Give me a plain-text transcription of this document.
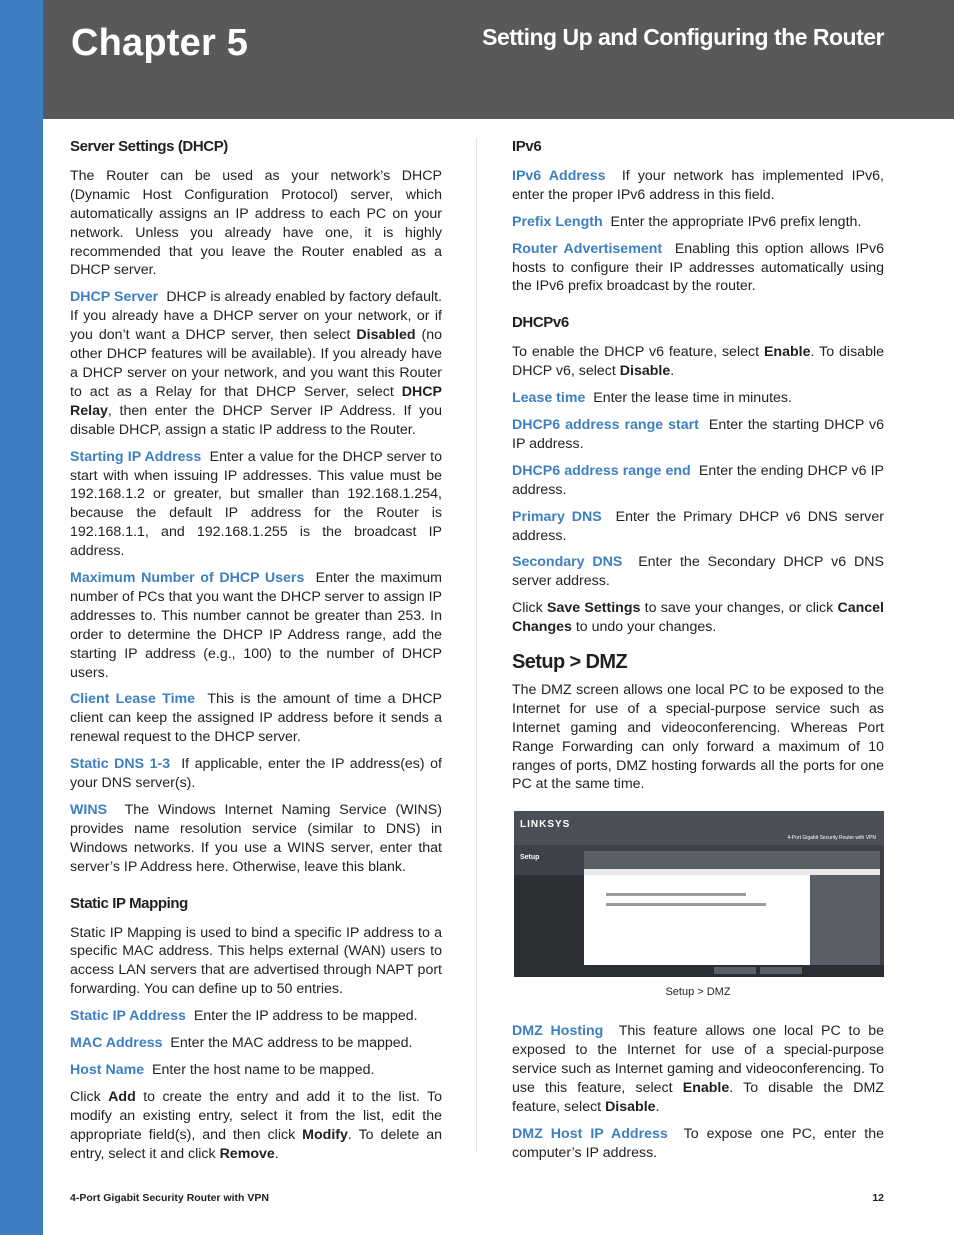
Chapter 5	Setting Up and Configuring the Router
Server Settings (DHCP)

The Router can be used as your network’s DHCP (Dynamic Host Configuration Protocol) server, which automatically assigns an IP address to each PC on your network. Unless you already have one, it is highly recommended that you leave the Router enabled as a DHCP server.

DHCP Server DHCP is already enabled by factory default. If you already have a DHCP server on your network, or if you don’t want a DHCP server, then select Disabled (no other DHCP features will be available). If you already have a DHCP server on your network, and you want this Router to act as a Relay for that DHCP Server, select DHCP Relay, then enter the DHCP Server IP Address. If you disable DHCP, assign a static IP address to the Router.

Starting IP Address Enter a value for the DHCP server to start with when issuing IP addresses. This value must be 192.168.1.2 or greater, but smaller than 192.168.1.254, because the default IP address for the Router is 192.168.1.1, and 192.168.1.255 is the broadcast IP address.

Maximum Number of DHCP Users Enter the maximum number of PCs that you want the DHCP server to assign IP addresses to. This number cannot be greater than 253. In order to determine the DHCP IP Address range, add the starting IP address (e.g., 100) to the number of DHCP users.

Client Lease Time This is the amount of time a DHCP client can keep the assigned IP address before it sends a renewal request to the DHCP server.

Static DNS 1-3 If applicable, enter the IP address(es) of your DNS server(s).

WINS The Windows Internet Naming Service (WINS) provides name resolution service (similar to DNS) in Windows networks. If you use a WINS server, enter that server’s IP Address here. Otherwise, leave this blank.

Static IP Mapping

Static IP Mapping is used to bind a specific IP address to a specific MAC address. This helps external (WAN) users to access LAN servers that are advertised through NAPT port forwarding. You can define up to 50 entries.

Static IP Address Enter the IP address to be mapped.

MAC Address Enter the MAC address to be mapped.

Host Name Enter the host name to be mapped.

Click Add to create the entry and add it to the list. To modify an existing entry, select it from the list, edit the appropriate field(s), and then click Modify. To delete an entry, select it and click Remove.

IPv6

IPv6 Address If your network has implemented IPv6, enter the proper IPv6 address in this field.

Prefix Length Enter the appropriate IPv6 prefix length.

Router Advertisement Enabling this option allows IPv6 hosts to configure their IP addresses automatically using the IPv6 prefix broadcast by the router.

DHCPv6

To enable the DHCP v6 feature, select Enable. To disable DHCP v6, select Disable.

Lease time Enter the lease time in minutes.

DHCP6 address range start Enter the starting DHCP v6 IP address.

DHCP6 address range end Enter the ending DHCP v6 IP address.

Primary DNS Enter the Primary DHCP v6 DNS server address.

Secondary DNS Enter the Secondary DHCP v6 DNS server address.

Click Save Settings to save your changes, or click Cancel Changes to undo your changes.

Setup > DMZ

The DMZ screen allows one local PC to be exposed to the Internet for use of a special-purpose service such as Internet gaming and videoconferencing. Whereas Port Range Forwarding can only forward a maximum of 10 ranges of ports, DMZ hosting forwards all the ports for one PC at the same time.

LINKSYS
4-Port Gigabit Security Router with VPN
Setup
Setup > DMZ

DMZ Hosting This feature allows one local PC to be exposed to the Internet for use of a special-purpose service such as Internet gaming and videoconferencing. To use this feature, select Enable. To disable the DMZ feature, select Disable.

DMZ Host IP Address To expose one PC, enter the computer’s IP address.

4-Port Gigabit Security Router with VPN	12
